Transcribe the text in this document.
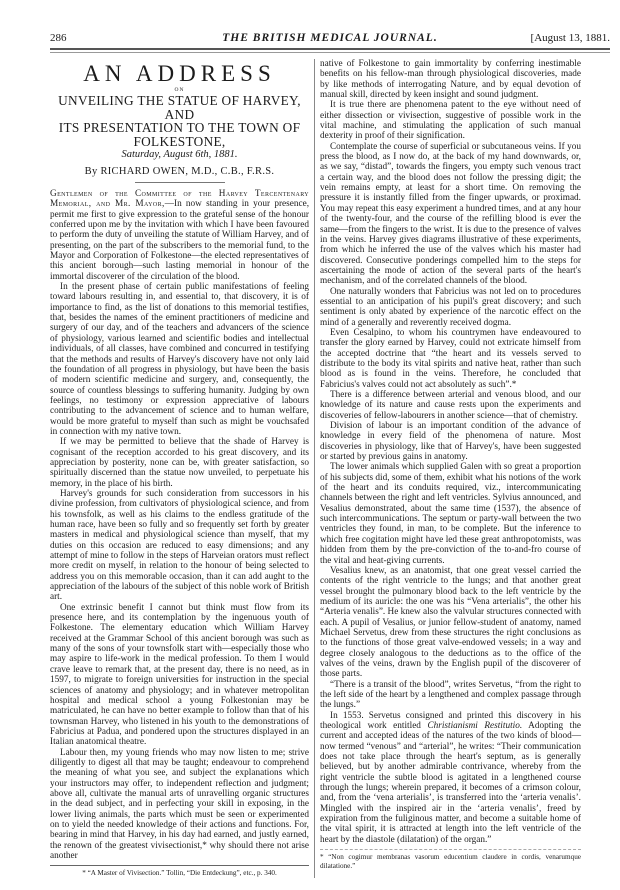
286	THE BRITISH MEDICAL JOURNAL.	[August 13, 1881.
AN ADDRESS
ON
UNVEILING THE STATUE OF HARVEY, AND
ITS PRESENTATION TO THE TOWN OF
FOLKESTONE,
Saturday, August 6th, 1881.
By RICHARD OWEN, M.D., C.B., F.R.S.

Gentlemen of the Committee of the Harvey Tercentenary Memorial, and Mr. Mayor,—In now standing in your presence, permit me first to give expression to the grateful sense of the honour conferred upon me by the invitation with which I have been favoured to perform the duty of unveiling the statute of William Harvey, and of presenting, on the part of the subscribers to the memorial fund, to the Mayor and Corporation of Folkestone—the elected representatives of this ancient borough—such lasting memorial in honour of the immortal discoverer of the circulation of the blood.

In the present phase of certain public manifestations of feeling toward labours resulting in, and essential to, that discovery, it is of importance to find, as the list of donations to this memorial testifies, that, besides the names of the eminent practitioners of medicine and surgery of our day, and of the teachers and advancers of the science of physiology, various learned and scientific bodies and intellectual individuals, of all classes, have combined and concurred in testifying that the methods and results of Harvey's discovery have not only laid the foundation of all progress in physiology, but have been the basis of modern scientific medicine and surgery, and, consequently, the source of countless blessings to suffering humanity. Judging by own feelings, no testimony or expression appreciative of labours contributing to the advancement of science and to human welfare, would be more grateful to myself than such as might be vouchsafed in connection with my native town.

If we may be permitted to believe that the shade of Harvey is cognisant of the reception accorded to his great discovery, and its appreciation by posterity, none can be, with greater satisfaction, so spiritually discerned than the statue now unveiled, to perpetuate his memory, in the place of his birth.

Harvey's grounds for such consideration from successors in his divine profession, from cultivators of physiological science, and from his townsfolk, as well as his claims to the endless gratitude of the human race, have been so fully and so frequently set forth by greater masters in medical and physiological science than myself, that my duties on this occasion are reduced to easy dimensions; and any attempt of mine to follow in the steps of Harveian orators must reflect more credit on myself, in relation to the honour of being selected to address you on this memorable occasion, than it can add aught to the appreciation of the labours of the subject of this noble work of British art.

One extrinsic benefit I cannot but think must flow from its presence here, and its contemplation by the ingenuous youth of Folkestone. The elementary education which William Harvey received at the Grammar School of this ancient borough was such as many of the sons of your townsfolk start with—especially those who may aspire to life-work in the medical profession. To them I would crave leave to remark that, at the present day, there is no need, as in 1597, to migrate to foreign universities for instruction in the special sciences of anatomy and physiology; and in whatever metropolitan hospital and medical school a young Folkestonian may be matriculated, he can have no better example to follow than that of his townsman Harvey, who listened in his youth to the demonstrations of Fabricius at Padua, and pondered upon the structures displayed in an Italian anatomical theatre.

Labour then, my young friends who may now listen to me; strive diligently to digest all that may be taught; endeavour to comprehend the meaning of what you see, and subject the explanations which your instructors may offer, to independent reflection and judgment; above all, cultivate the manual arts of unravelling organic structures in the dead subject, and in perfecting your skill in exposing, in the lower living animals, the parts which must be seen or experimented on to yield the needed knowledge of their actions and functions. For, bearing in mind that Harvey, in his day had earned, and justly earned, the renown of the greatest vivisectionist,* why should there not arise another

* “A Master of Vivisection.” Tollin, “Die Entdeckung”, etc., p. 340.

native of Folkestone to gain immortality by conferring inestimable benefits on his fellow-man through physiological discoveries, made by like methods of interrogating Nature, and by equal devotion of manual skill, directed by keen insight and sound judgment.

It is true there are phenomena patent to the eye without need of either dissection or vivisection, suggestive of possible work in the vital machine, and stimulating the application of such manual dexterity in proof of their signification.

Contemplate the course of superficial or subcutaneous veins. If you press the blood, as I now do, at the back of my hand downwards, or, as we say, “distad”, towards the fingers, you empty such venous tract a certain way, and the blood does not follow the pressing digit; the vein remains empty, at least for a short time. On removing the pressure it is instantly filled from the finger upwards, or proximad. You may repeat this easy experiment a hundred times, and at any hour of the twenty-four, and the course of the refilling blood is ever the same—from the fingers to the wrist. It is due to the presence of valves in the veins. Harvey gives diagrams illustrative of these experiments, from which he inferred the use of the valves which his master had discovered. Consecutive ponderings compelled him to the steps for ascertaining the mode of action of the several parts of the heart's mechanism, and of the correlated channels of the blood.

One naturally wonders that Fabricius was not led on to procedures essential to an anticipation of his pupil's great discovery; and such sentiment is only abated by experience of the narcotic effect on the mind of a generally and reverently received dogma.

Even Cesalpino, to whom his countrymen have endeavoured to transfer the glory earned by Harvey, could not extricate himself from the accepted doctrine that “the heart and its vessels served to distribute to the body its vital spirits and native heat, rather than such blood as is found in the veins. Therefore, he concluded that Fabricius's valves could not act absolutely as such”.*

There is a difference between arterial and venous blood, and our knowledge of its nature and cause rests upon the experiments and discoveries of fellow-labourers in another science—that of chemistry.

Division of labour is an important condition of the advance of knowledge in every field of the phenomena of nature. Most discoveries in physiology, like that of Harvey's, have been suggested or started by previous gains in anatomy.

The lower animals which supplied Galen with so great a proportion of his subjects did, some of them, exhibit what his notions of the work of the heart and its conduits required, viz., intercommunicating channels between the right and left ventricles. Sylvius announced, and Vesalius demonstrated, about the same time (1537), the absence of such intercommunications. The septum or party-wall between the two ventricles they found, in man, to be complete. But the inference to which free cogitation might have led these great anthropotomists, was hidden from them by the pre-conviction of the to-and-fro course of the vital and heat-giving currents.

Vesalius knew, as an anatomist, that one great vessel carried the contents of the right ventricle to the lungs; and that another great vessel brought the pulmonary blood back to the left ventricle by the medium of its auricle: the one was his “Vena arterialis”, the other his “Arteria venalis”. He knew also the valvular structures connected with each. A pupil of Vesalius, or junior fellow-student of anatomy, named Michael Servetus, drew from these structures the right conclusions as to the functions of those great valve-endowed vessels; in a way and degree closely analogous to the deductions as to the office of the valves of the veins, drawn by the English pupil of the discoverer of those parts.

“There is a transit of the blood”, writes Servetus, “from the right to the left side of the heart by a lengthened and complex passage through the lungs.”

In 1553. Servetus consigned and printed this discovery in his theological work entitled Christianismi Restitutio. Adopting the current and accepted ideas of the natures of the two kinds of blood—now termed “venous” and “arterial”, he writes: “Their communication does not take place through the heart's septum, as is generally believed, but by another admirable contrivance, whereby from the right ventricle the subtle blood is agitated in a lengthened course through the lungs; wherein prepared, it becomes of a crimson colour, and, from the ‘vena arterialis’, is transferred into the ‘arteria venalis’. Mingled with the inspired air in the ‘arteria venalis’, freed by expiration from the fuliginous matter, and become a suitable home of the vital spirit, it is attracted at length into the left ventricle of the heart by the diastole (dilatation) of the organ.”

* “Non cogimur membranas vasorum educentium claudere in cordis, venarumque dilatatione.”
